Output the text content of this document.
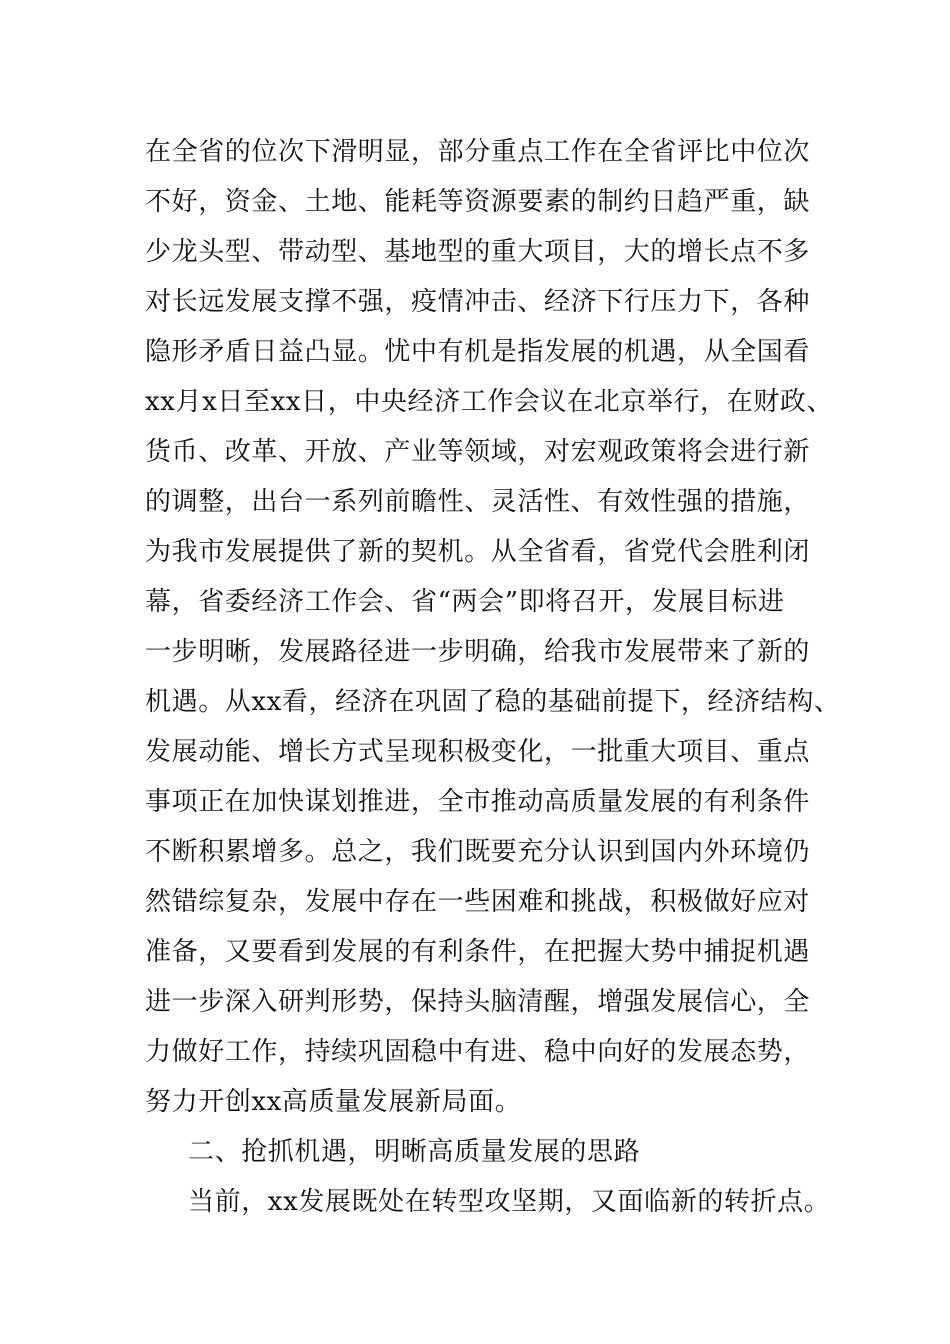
在全省的位次下滑明显，部分重点工作在全省评比中位次
不好，资金、土地、能耗等资源要素的制约日趋严重，缺
少龙头型、带动型、基地型的重大项目，大的增长点不多
对长远发展支撑不强，疫情冲击、经济下行压力下，各种
隐形矛盾日益凸显。忧中有机是指发展的机遇，从全国看
xx月x日至xx日，中央经济工作会议在北京举行，在财政、
货币、改革、开放、产业等领域，对宏观政策将会进行新
的调整，出台一系列前瞻性、灵活性、有效性强的措施，
为我市发展提供了新的契机。从全省看，省党代会胜利闭
幕，省委经济工作会、省“两会”即将召开，发展目标进
一步明晰，发展路径进一步明确，给我市发展带来了新的
机遇。从xx看，经济在巩固了稳的基础前提下，经济结构、
发展动能、增长方式呈现积极变化，一批重大项目、重点
事项正在加快谋划推进，全市推动高质量发展的有利条件
不断积累增多。总之，我们既要充分认识到国内外环境仍
然错综复杂，发展中存在一些困难和挑战，积极做好应对
准备，又要看到发展的有利条件，在把握大势中捕捉机遇
进一步深入研判形势，保持头脑清醒，增强发展信心，全
力做好工作，持续巩固稳中有进、稳中向好的发展态势，
努力开创xx高质量发展新局面。
二、抢抓机遇，明晰高质量发展的思路
当前，xx发展既处在转型攻坚期，又面临新的转折点。
